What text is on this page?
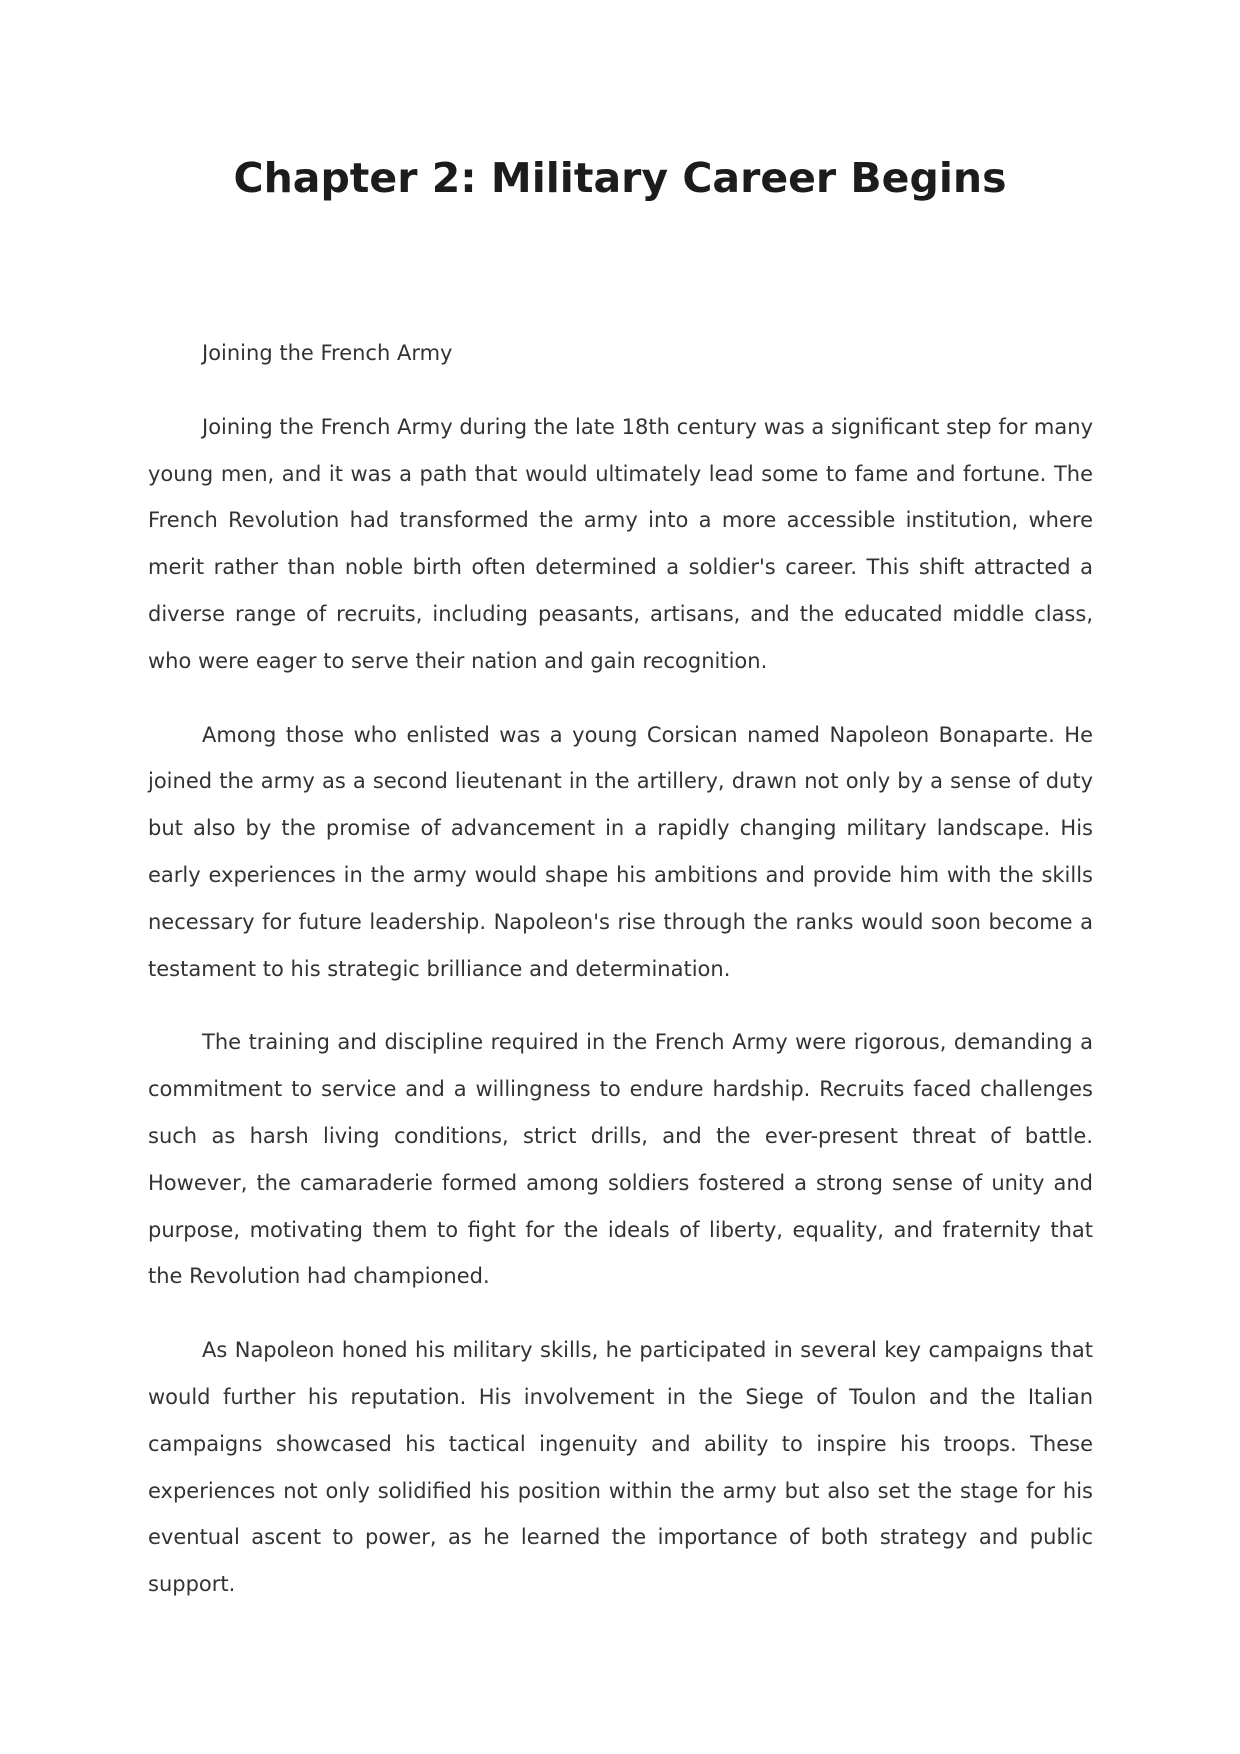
Chapter 2: Military Career Begins

Joining the French Army

Joining the French Army during the late 18th century was a significant step for many young men, and it was a path that would ultimately lead some to fame and fortune. The French Revolution had transformed the army into a more accessible institution, where merit rather than noble birth often determined a soldier's career. This shift attracted a diverse range of recruits, including peasants, artisans, and the educated middle class, who were eager to serve their nation and gain recognition.

Among those who enlisted was a young Corsican named Napoleon Bonaparte. He joined the army as a second lieutenant in the artillery, drawn not only by a sense of duty but also by the promise of advancement in a rapidly changing military landscape. His early experiences in the army would shape his ambitions and provide him with the skills necessary for future leadership. Napoleon's rise through the ranks would soon become a testament to his strategic brilliance and determination.

The training and discipline required in the French Army were rigorous, demanding a commitment to service and a willingness to endure hardship. Recruits faced challenges such as harsh living conditions, strict drills, and the ever-present threat of battle. However, the camaraderie formed among soldiers fostered a strong sense of unity and purpose, motivating them to fight for the ideals of liberty, equality, and fraternity that the Revolution had championed.

As Napoleon honed his military skills, he participated in several key campaigns that would further his reputation. His involvement in the Siege of Toulon and the Italian campaigns showcased his tactical ingenuity and ability to inspire his troops. These experiences not only solidified his position within the army but also set the stage for his eventual ascent to power, as he learned the importance of both strategy and public support.
